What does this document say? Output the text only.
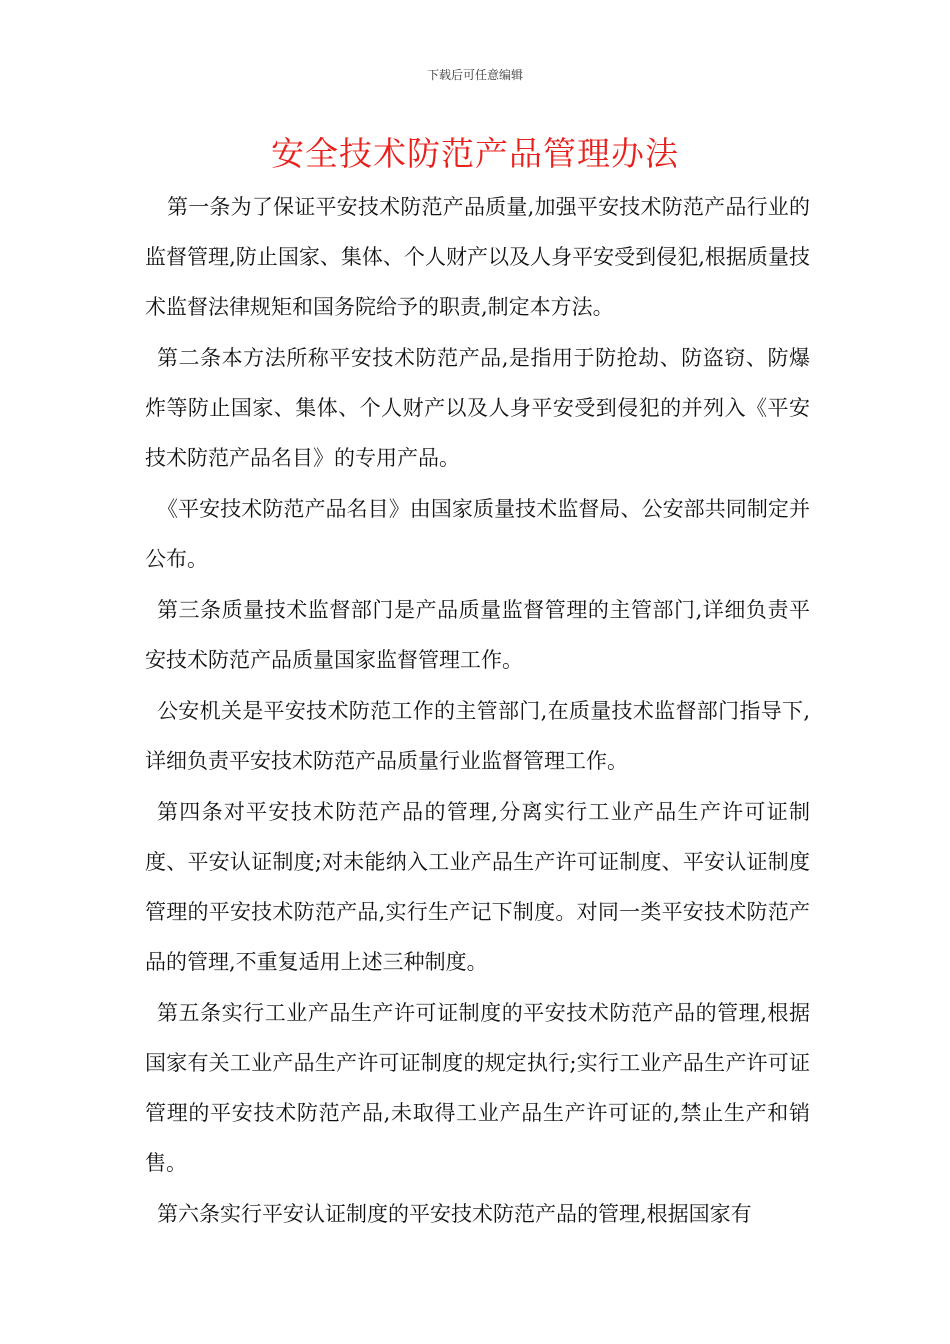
下载后可任意编辑
安全技术防范产品管理办法

第一条为了保证平安技术防范产品质量,加强平安技术防范产品行业的监督管理,防止国家、集体、个人财产以及人身平安受到侵犯,根据质量技术监督法律规矩和国务院给予的职责,制定本方法。

第二条本方法所称平安技术防范产品,是指用于防抢劫、防盗窃、防爆炸等防止国家、集体、个人财产以及人身平安受到侵犯的并列入《平安技术防范产品名目》的专用产品。

《平安技术防范产品名目》由国家质量技术监督局、公安部共同制定并公布。

第三条质量技术监督部门是产品质量监督管理的主管部门,详细负责平安技术防范产品质量国家监督管理工作。

公安机关是平安技术防范工作的主管部门,在质量技术监督部门指导下,详细负责平安技术防范产品质量行业监督管理工作。

第四条对平安技术防范产品的管理,分离实行工业产品生产许可证制度、平安认证制度;对未能纳入工业产品生产许可证制度、平安认证制度管理的平安技术防范产品,实行生产记下制度。对同一类平安技术防范产品的管理,不重复适用上述三种制度。

第五条实行工业产品生产许可证制度的平安技术防范产品的管理,根据国家有关工业产品生产许可证制度的规定执行;实行工业产品生产许可证管理的平安技术防范产品,未取得工业产品生产许可证的,禁止生产和销售。

第六条实行平安认证制度的平安技术防范产品的管理,根据国家有
